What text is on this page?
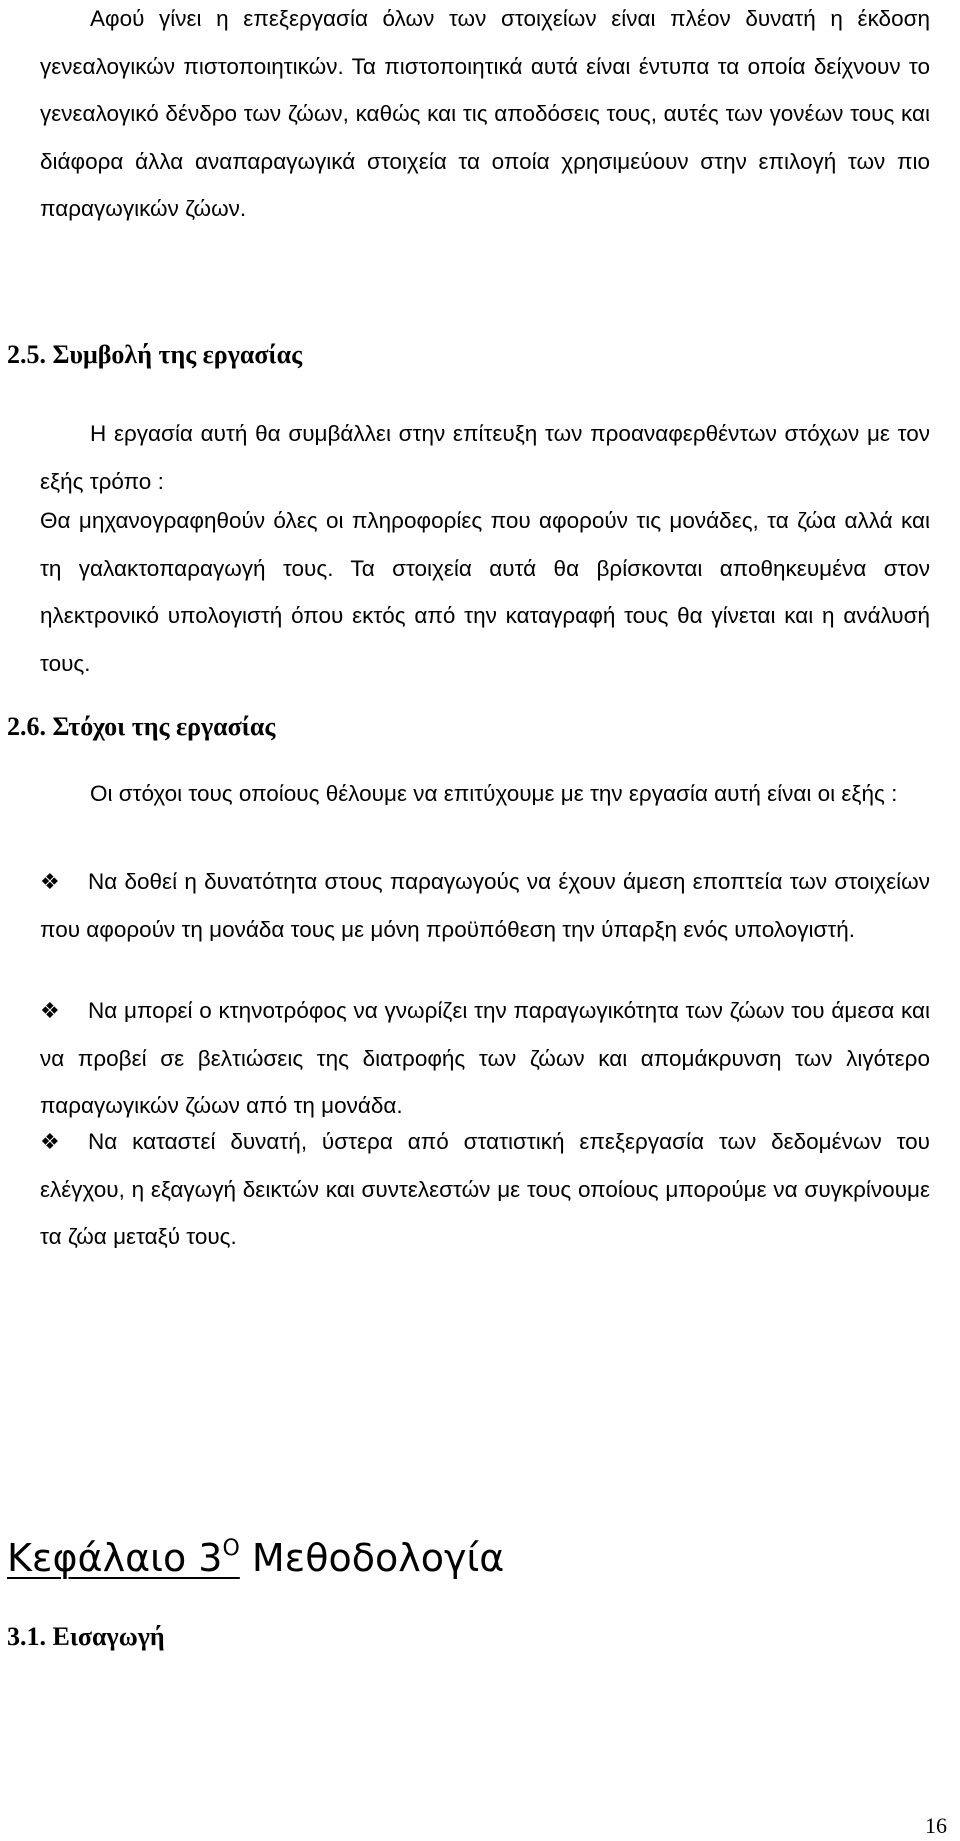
Αφού γίνει η επεξεργασία όλων των στοιχείων είναι πλέον δυνατή η έκδοση γενεαλογικών πιστοποιητικών. Τα πιστοποιητικά αυτά είναι έντυπα τα οποία δείχνουν το γενεαλογικό δένδρο των ζώων, καθώς και τις αποδόσεις τους, αυτές των γονέων τους και διάφορα άλλα αναπαραγωγικά στοιχεία τα οποία χρησιμεύουν στην επιλογή των πιο παραγωγικών ζώων.

2.5. Συμβολή της εργασίας

Η εργασία αυτή θα συμβάλλει στην επίτευξη των προαναφερθέντων στόχων με τον εξής τρόπο :

Θα μηχανογραφηθούν όλες οι πληροφορίες που αφορούν τις μονάδες, τα ζώα αλλά και τη γαλακτοπαραγωγή τους. Τα στοιχεία αυτά θα βρίσκονται αποθηκευμένα στον ηλεκτρονικό υπολογιστή όπου εκτός από την καταγραφή τους θα γίνεται και η ανάλυσή τους.

2.6. Στόχοι της εργασίας

Οι στόχοι τους οποίους θέλουμε να επιτύχουμε με την εργασία αυτή είναι οι εξής :

❖ Να δοθεί η δυνατότητα στους παραγωγούς να έχουν άμεση εποπτεία των στοιχείων που αφορούν τη μονάδα τους με μόνη προϋπόθεση την ύπαρξη ενός υπολογιστή.

❖ Να μπορεί ο κτηνοτρόφος να γνωρίζει την παραγωγικότητα των ζώων του άμεσα και να προβεί σε βελτιώσεις της διατροφής των ζώων και απομάκρυνση των λιγότερο παραγωγικών ζώων από τη μονάδα.

❖ Να καταστεί δυνατή, ύστερα από στατιστική επεξεργασία των δεδομένων του ελέγχου, η εξαγωγή δεικτών και συντελεστών με τους οποίους μπορούμε να συγκρίνουμε τα ζώα μεταξύ τους.

Κεφάλαιο $3^O$ Μεθοδολογία
3.1. Εισαγωγή

16
